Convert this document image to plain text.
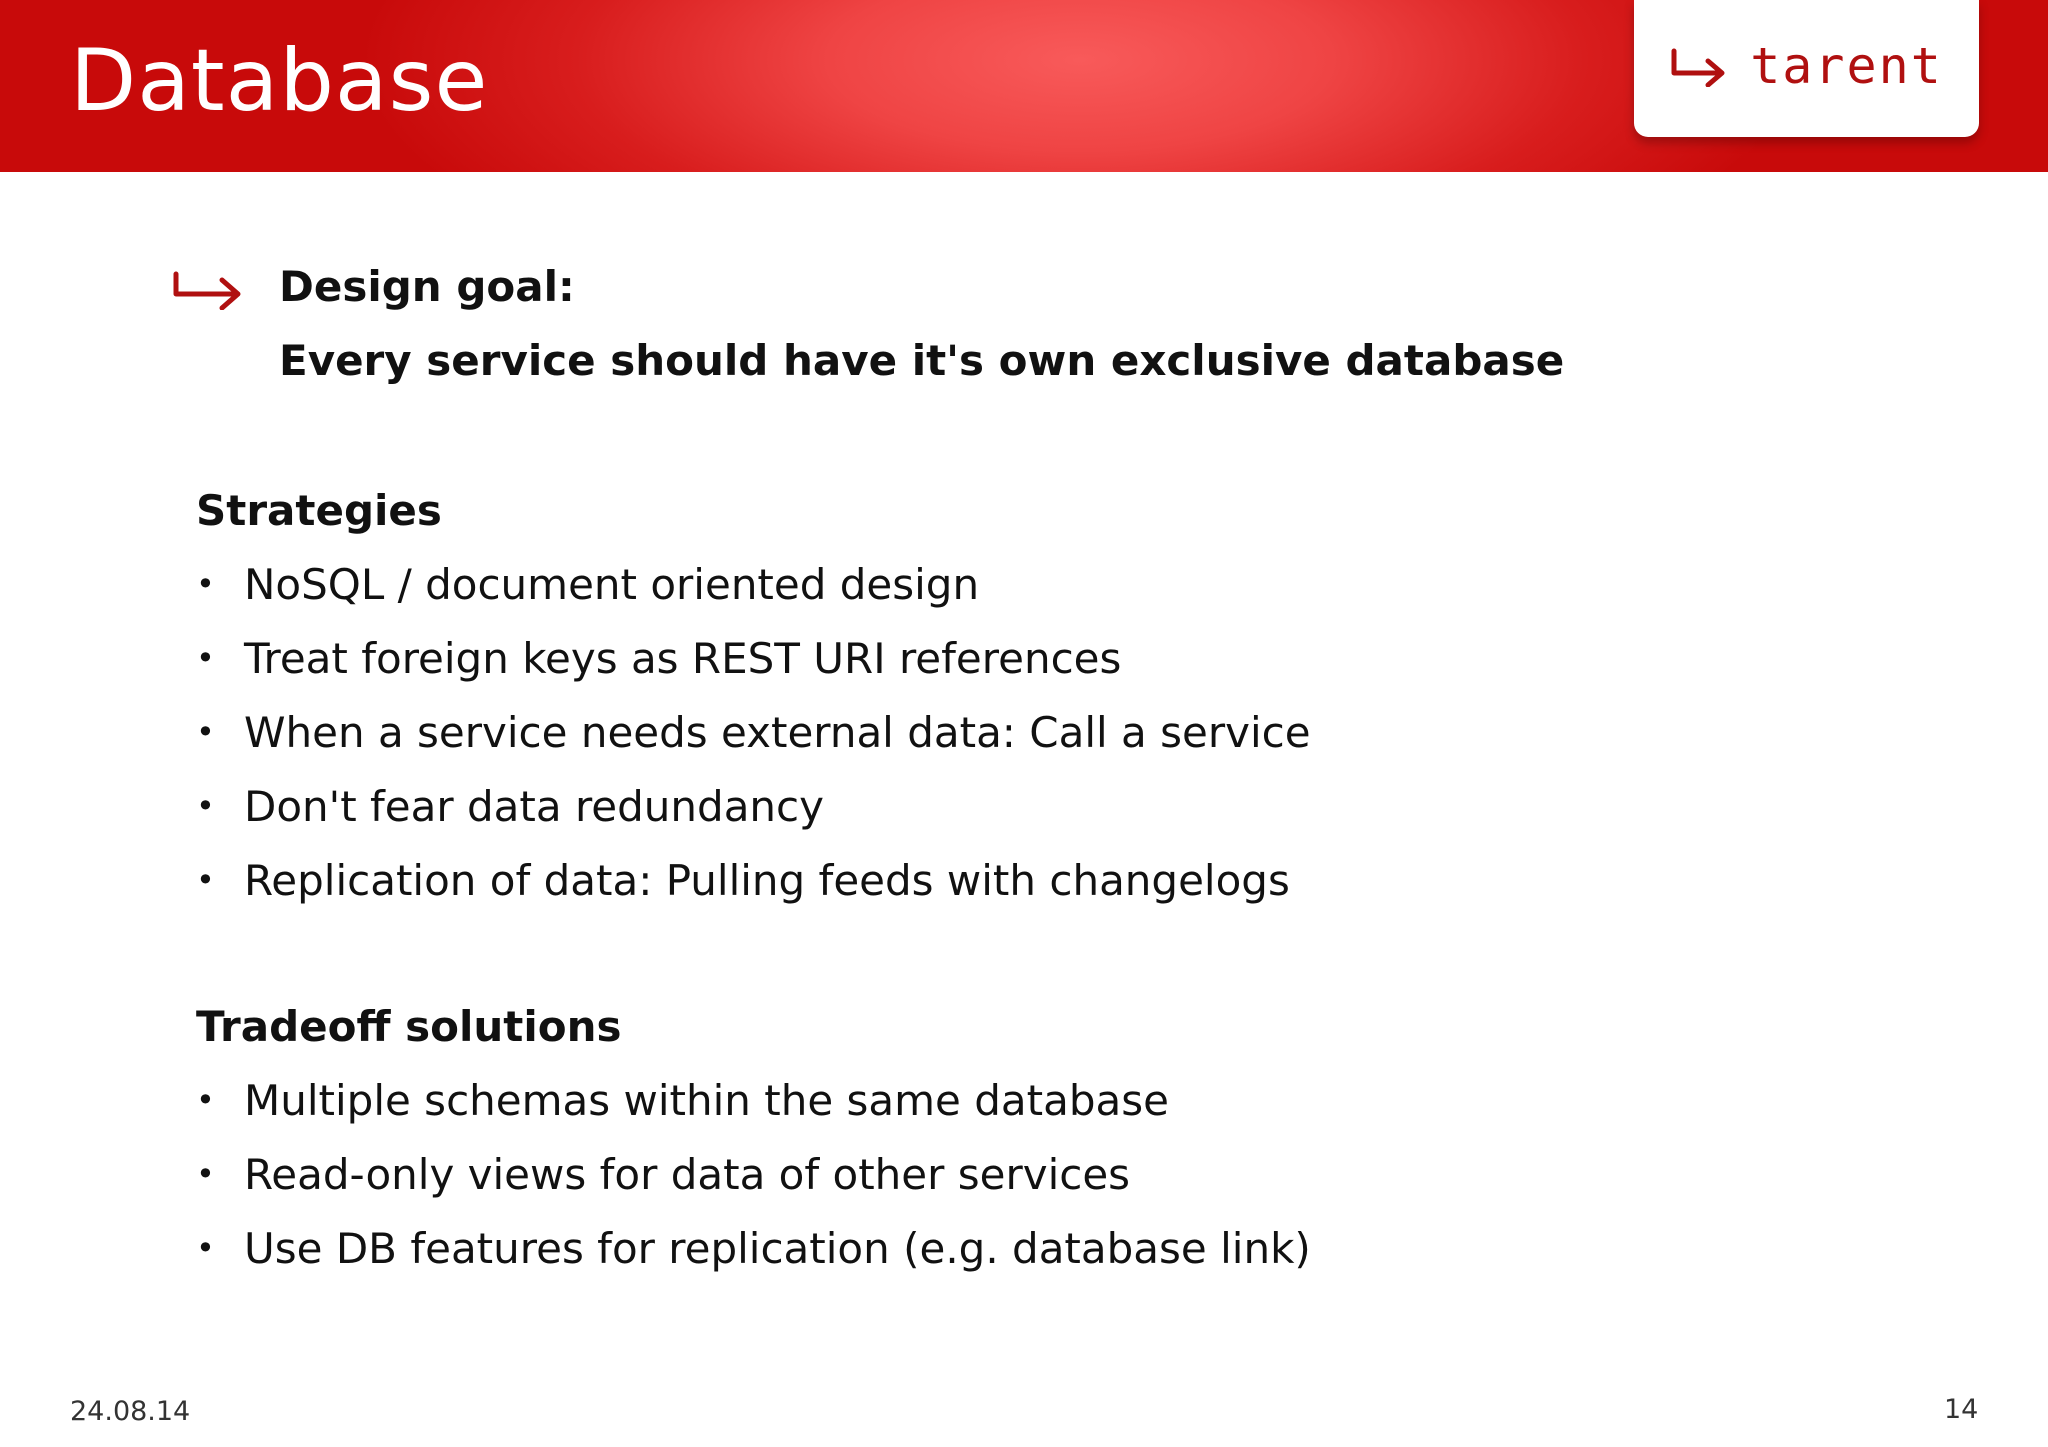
Database	tarent
Design goal:
Every service should have it's own exclusive database
Strategies
• NoSQL / document oriented design
• Treat foreign keys as REST URI references
• When a service needs external data: Call a service
• Don't fear data redundancy
• Replication of data: Pulling feeds with changelogs
Tradeoff solutions
• Multiple schemas within the same database
• Read-only views for data of other services
• Use DB features for replication (e.g. database link)
24.08.14	14
